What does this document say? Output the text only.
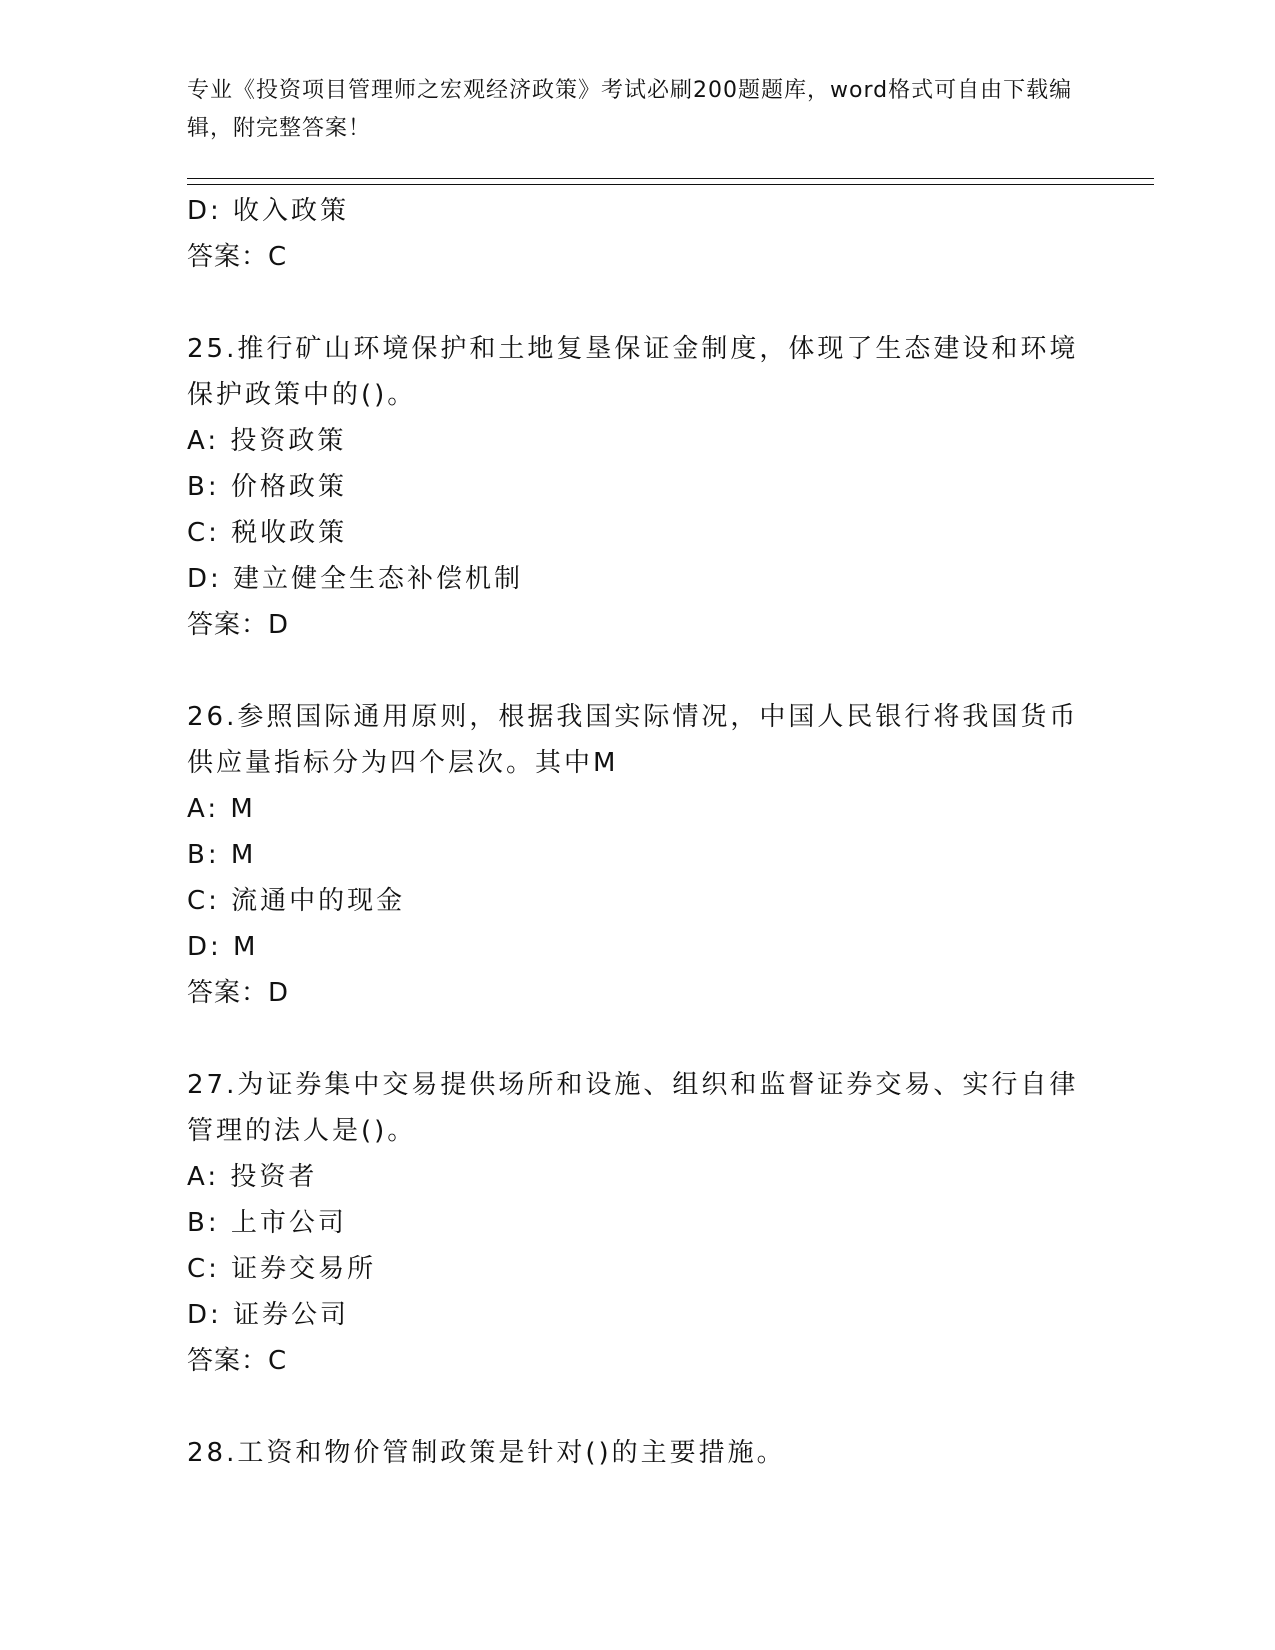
专业《投资项目管理师之宏观经济政策》考试必刷200题题库，word格式可自由下载编辑，附完整答案！
D: 收入政策
答案：C
25.推行矿山环境保护和土地复垦保证金制度，体现了生态建设和环境
保护政策中的()。
A: 投资政策
B: 价格政策
C: 税收政策
D: 建立健全生态补偿机制
答案：D
26.参照国际通用原则，根据我国实际情况，中国人民银行将我国货币
供应量指标分为四个层次。其中M
A: M
B: M
C: 流通中的现金
D: M
答案：D
27.为证券集中交易提供场所和设施、组织和监督证券交易、实行自律
管理的法人是()。
A: 投资者
B: 上市公司
C: 证券交易所
D: 证券公司
答案：C
28.工资和物价管制政策是针对()的主要措施。
